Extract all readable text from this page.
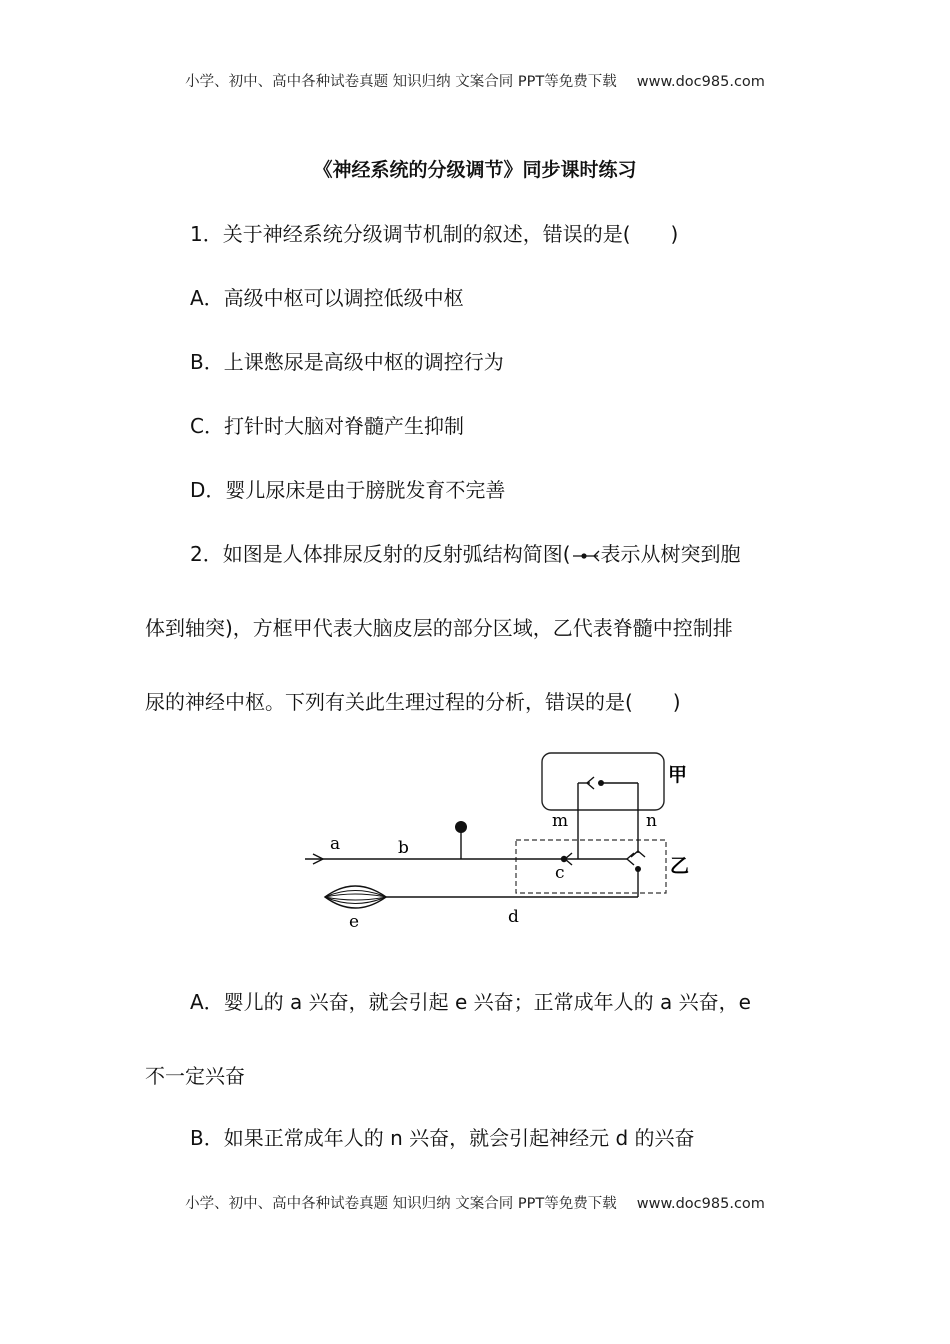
小学、初中、高中各种试卷真题 知识归纳 文案合同 PPT等免费下载 www.doc985.com
《神经系统的分级调节》同步课时练习
1．关于神经系统分级调节机制的叙述，错误的是(　　)
A．高级中枢可以调控低级中枢
B．上课憋尿是高级中枢的调控行为
C．打针时大脑对脊髓产生抑制
D．婴儿尿床是由于膀胱发育不完善
2．如图是人体排尿反射的反射弧结构简图( 表示从树突到胞
体到轴突)，方框甲代表大脑皮层的部分区域，乙代表脊髓中控制排
尿的神经中枢。下列有关此生理过程的分析，错误的是(　　)
a	b
c
d
e
m	n
甲
乙
A．婴儿的 a 兴奋，就会引起 e 兴奋；正常成年人的 a 兴奋，e
不一定兴奋
B．如果正常成年人的 n 兴奋，就会引起神经元 d 的兴奋
小学、初中、高中各种试卷真题 知识归纳 文案合同 PPT等免费下载 www.doc985.com
